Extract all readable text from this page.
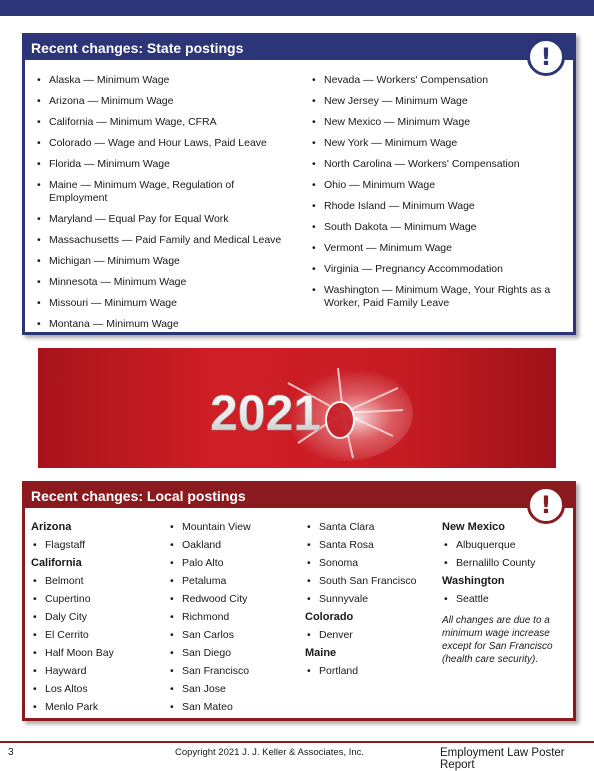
Recent changes: State postings
• Alaska — Minimum Wage
• Arizona — Minimum Wage
• California — Minimum Wage, CFRA
• Colorado — Wage and Hour Laws, Paid Leave
• Florida — Minimum Wage
• Maine — Minimum Wage, Regulation of Employment
• Maryland — Equal Pay for Equal Work
• Massachusetts — Paid Family and Medical Leave
• Michigan — Minimum Wage
• Minnesota — Minimum Wage
• Missouri — Minimum Wage
• Montana — Minimum Wage
• Nevada — Workers' Compensation
• New Jersey — Minimum Wage
• New Mexico — Minimum Wage
• New York — Minimum Wage
• North Carolina — Workers' Compensation
• Ohio — Minimum Wage
• Rhode Island — Minimum Wage
• South Dakota — Minimum Wage
• Vermont — Minimum Wage
• Virginia — Pregnancy Accommodation
• Washington — Minimum Wage, Your Rights as a Worker, Paid Family Leave
!
2021
Recent changes: Local postings
Arizona
• Flagstaff
California
• Belmont
• Cupertino
• Daly City
• El Cerrito
• Half Moon Bay
• Hayward
• Los Altos
• Menlo Park
• Mountain View
• Oakland
• Palo Alto
• Petaluma
• Redwood City
• Richmond
• San Carlos
• San Diego
• San Francisco
• San Jose
• San Mateo
• Santa Clara
• Santa Rosa
• Sonoma
• South San Francisco
• Sunnyvale
Colorado
• Denver
Maine
• Portland
New Mexico
• Albuquerque
• Bernalillo County
Washington
• Seattle
All changes are due to a minimum wage increase except for San Francisco (health care security).
!
3	Copyright 2021 J. J. Keller & Associates, Inc.	Employment Law Poster Report
